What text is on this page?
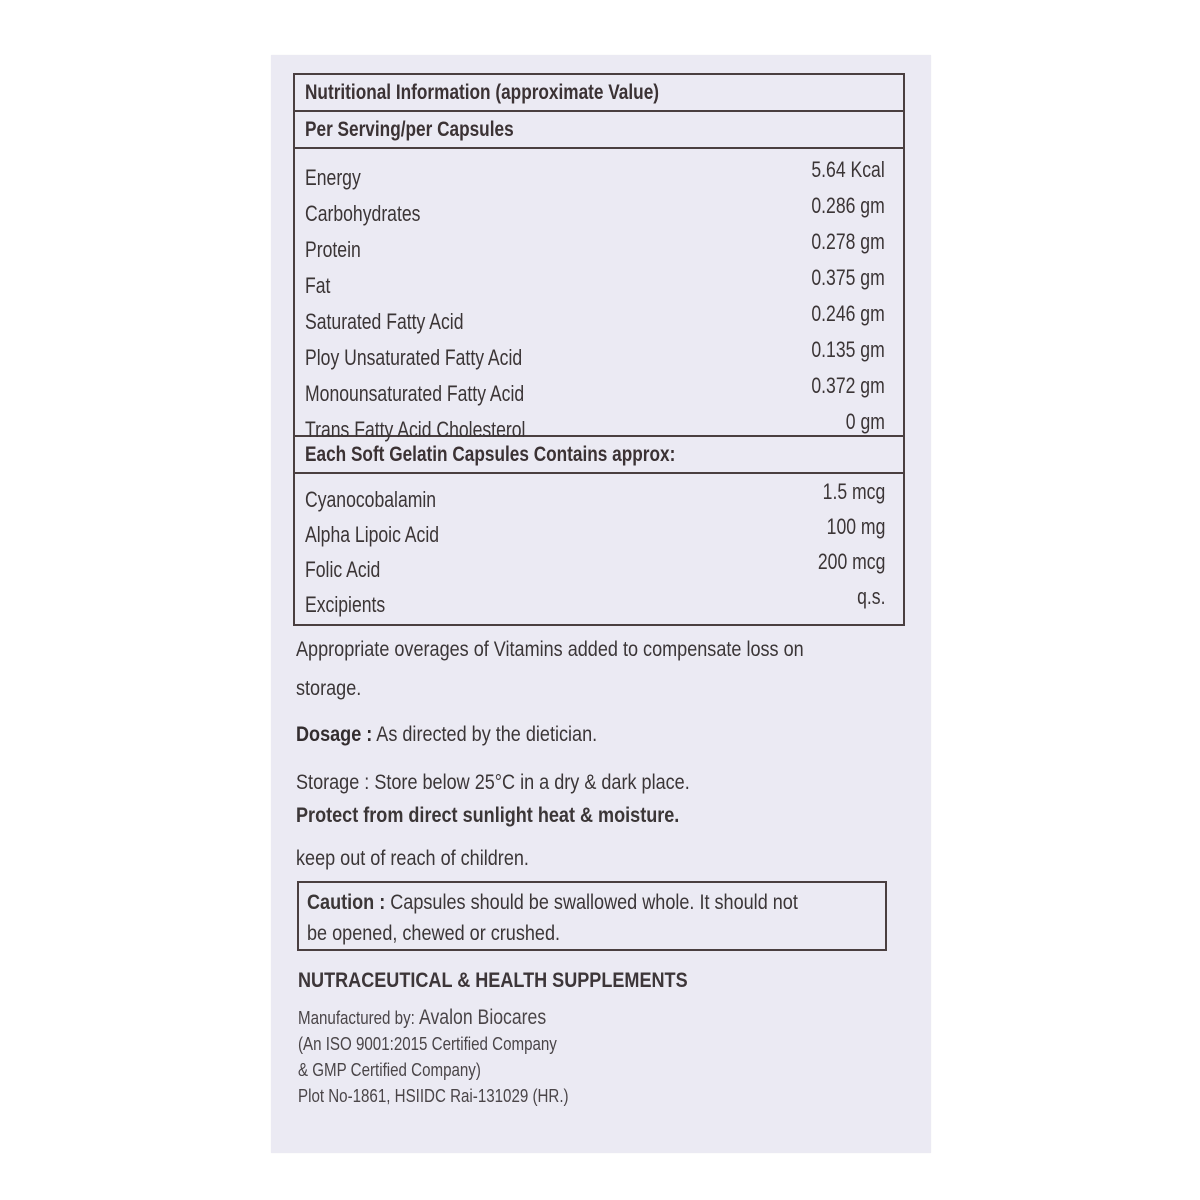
Nutritional Information (approximate Value)
Per Serving/per Capsules
Energy	5.64 Kcal
Carbohydrates	0.286 gm
Protein	0.278 gm
Fat	0.375 gm
Saturated Fatty Acid	0.246 gm
Ploy Unsaturated Fatty Acid	0.135 gm
Monounsaturated Fatty Acid	0.372 gm
Trans Fatty Acid Cholesterol	0 gm
Each Soft Gelatin Capsules Contains approx:
Cyanocobalamin	1.5 mcg
Alpha Lipoic Acid	100 mg
Folic Acid	200 mcg
Excipients	q.s.
Appropriate overages of Vitamins added to compensate loss on
storage.
Dosage : As directed by the dietician.
Storage : Store below 25°C in a dry & dark place.
Protect from direct sunlight heat & moisture.
keep out of reach of children.
Caution : Capsules should be swallowed whole. It should not
be opened, chewed or crushed.
NUTRACEUTICAL & HEALTH SUPPLEMENTS
Manufactured by: Avalon Biocares
(An ISO 9001:2015 Certified Company
& GMP Certified Company)
Plot No-1861, HSIIDC Rai-131029 (HR.)
